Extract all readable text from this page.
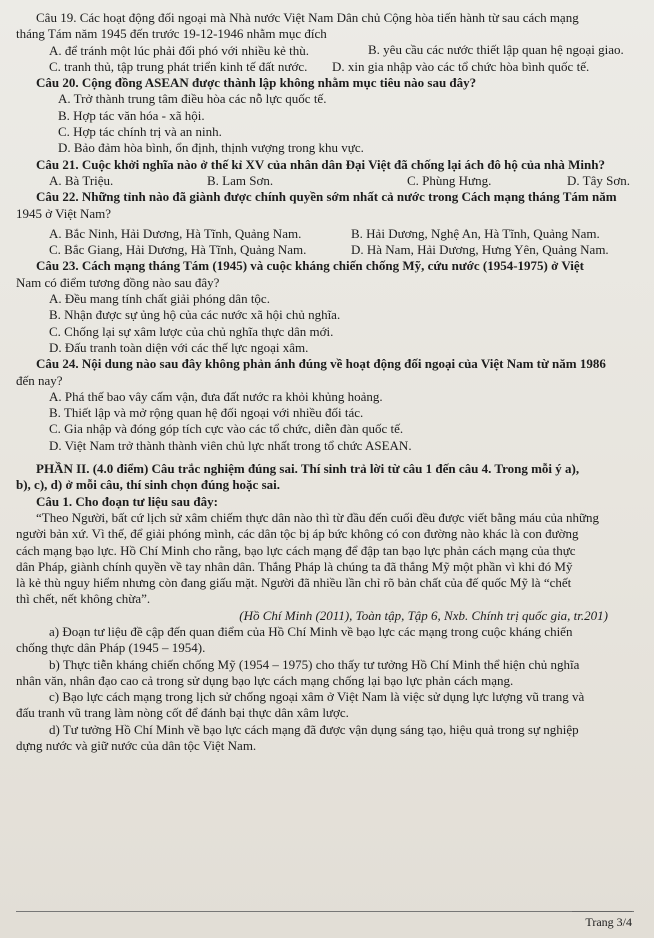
Câu 19. Các hoạt động đối ngoại mà Nhà nước Việt Nam Dân chủ Cộng hòa tiến hành từ sau cách mạng
tháng Tám năm 1945 đến trước 19-12-1946 nhằm mục đích
A. để tránh một lúc phải đối phó với nhiều kẻ thù.
C. tranh thủ, tập trung phát triển kinh tế đất nước.	D. xin gia nhập vào các tổ chức hòa bình quốc tế.
B. yêu cầu các nước thiết lập quan hệ ngoại giao.
Câu 20. Cộng đồng ASEAN được thành lập không nhằm mục tiêu nào sau đây?
A. Trở thành trung tâm điều hòa các nỗ lực quốc tế.
B. Hợp tác văn hóa - xã hội.
C. Hợp tác chính trị và an ninh.
D. Bảo đảm hòa bình, ổn định, thịnh vượng trong khu vực.
Câu 21. Cuộc khởi nghĩa nào ở thế kỉ XV của nhân dân Đại Việt đã chống lại ách đô hộ của nhà Minh?
A. Bà Triệu.	B. Lam Sơn.	C. Phùng Hưng.	D. Tây Sơn.
Câu 22. Những tỉnh nào đã giành được chính quyền sớm nhất cả nước trong Cách mạng tháng Tám năm
1945 ở Việt Nam?
A. Bắc Ninh, Hải Dương, Hà Tĩnh, Quảng Nam.	B. Hải Dương, Nghệ An, Hà Tĩnh, Quảng Nam.
C. Bắc Giang, Hải Dương, Hà Tĩnh, Quảng Nam.	D. Hà Nam, Hải Dương, Hưng Yên, Quảng Nam.
Câu 23. Cách mạng tháng Tám (1945) và cuộc kháng chiến chống Mỹ, cứu nước (1954-1975) ở Việt
Nam có điểm tương đồng nào sau đây?
A. Đều mang tính chất giải phóng dân tộc.
B. Nhận được sự ủng hộ của các nước xã hội chủ nghĩa.
C. Chống lại sự xâm lược của chủ nghĩa thực dân mới.
D. Đấu tranh toàn diện với các thế lực ngoại xâm.
Câu 24. Nội dung nào sau đây không phản ánh đúng về hoạt động đối ngoại của Việt Nam từ năm 1986
đến nay?
A. Phá thế bao vây cấm vận, đưa đất nước ra khỏi khủng hoảng.
B. Thiết lập và mở rộng quan hệ đối ngoại với nhiều đối tác.
C. Gia nhập và đóng góp tích cực vào các tổ chức, diễn đàn quốc tế.
D. Việt Nam trở thành thành viên chủ lực nhất trong tổ chức ASEAN.
PHẦN II. (4.0 điểm) Câu trắc nghiệm đúng sai. Thí sinh trả lời từ câu 1 đến câu 4. Trong mỗi ý a),
b), c), d) ở mỗi câu, thí sinh chọn đúng hoặc sai.
Câu 1. Cho đoạn tư liệu sau đây:
“Theo Người, bất cứ lịch sử xâm chiếm thực dân nào thì từ đầu đến cuối đều được viết bằng máu của những
người bản xứ. Vì thế, để giải phóng mình, các dân tộc bị áp bức không có con đường nào khác là con đường
cách mạng bạo lực. Hồ Chí Minh cho rằng, bạo lực cách mạng để đập tan bạo lực phản cách mạng của thực
dân Pháp, giành chính quyền về tay nhân dân. Thắng Pháp là chúng ta đã thắng Mỹ một phần vì khi đó Mỹ
là kẻ thù nguy hiểm nhưng còn đang giấu mặt. Người đã nhiều lần chỉ rõ bản chất của đế quốc Mỹ là “chết
thì chết, nết không chừa”.
(Hồ Chí Minh (2011), Toàn tập, Tập 6, Nxb. Chính trị quốc gia, tr.201)
a) Đoạn tư liệu đề cập đến quan điểm của Hồ Chí Minh về bạo lực các mạng trong cuộc kháng chiến
chống thực dân Pháp (1945 – 1954).
b) Thực tiễn kháng chiến chống Mỹ (1954 – 1975) cho thấy tư tưởng Hồ Chí Minh thể hiện chủ nghĩa
nhân văn, nhân đạo cao cả trong sử dụng bạo lực cách mạng chống lại bạo lực phản cách mạng.
c) Bạo lực cách mạng trong lịch sử chống ngoại xâm ở Việt Nam là việc sử dụng lực lượng vũ trang và
đấu tranh vũ trang làm nòng cốt để đánh bại thực dân xâm lược.
d) Tư tưởng Hồ Chí Minh về bạo lực cách mạng đã được vận dụng sáng tạo, hiệu quả trong sự nghiệp
dựng nước và giữ nước của dân tộc Việt Nam.
Trang 3/4
